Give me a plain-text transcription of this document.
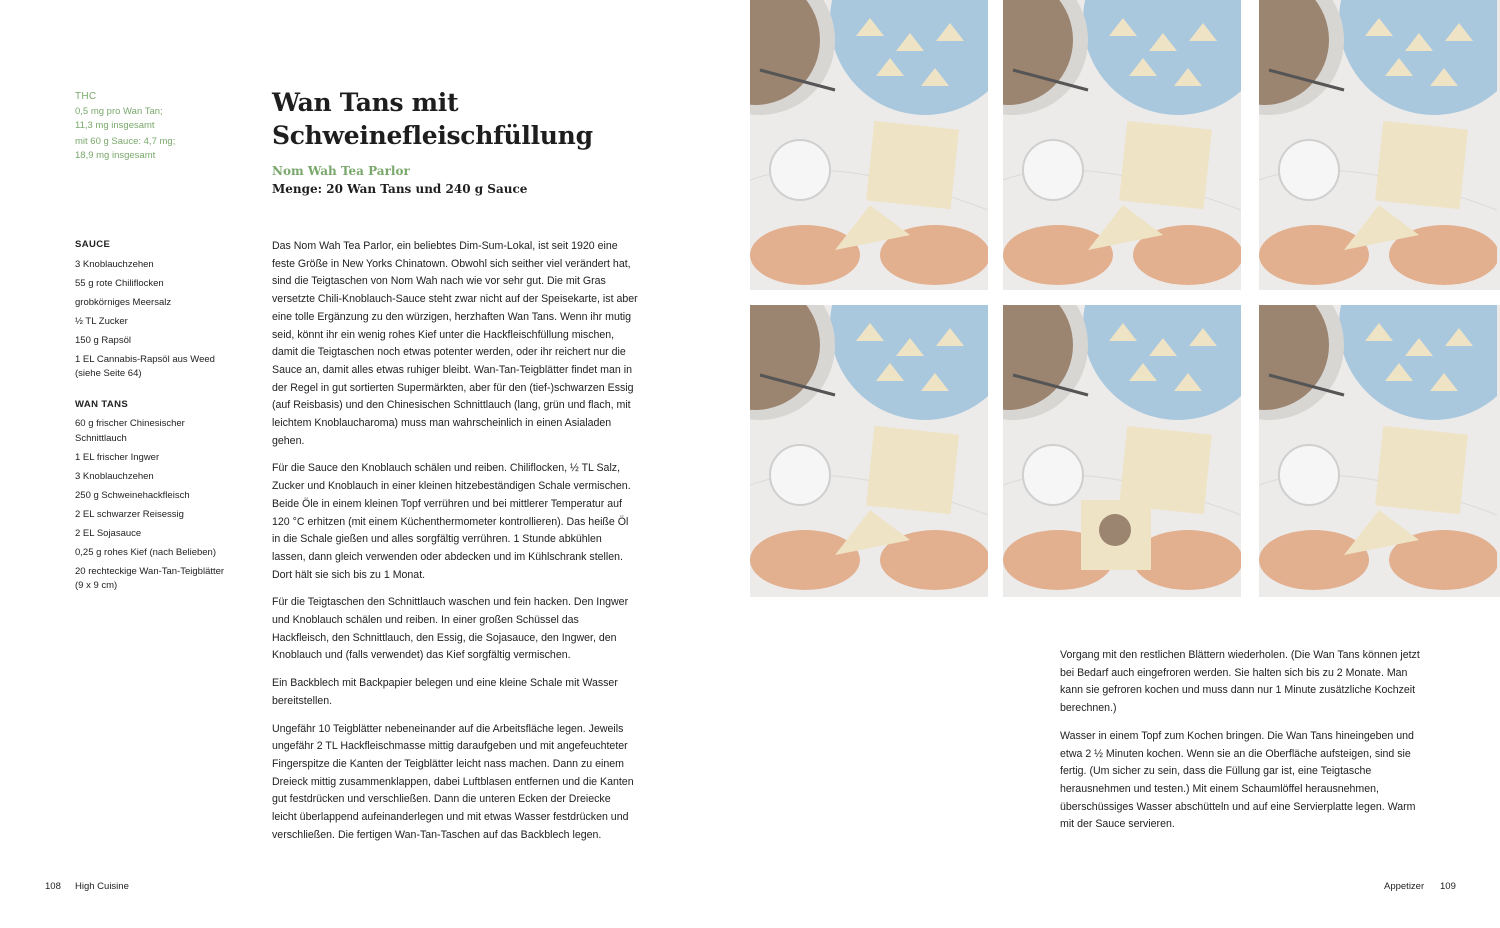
THC

0,5 mg pro Wan Tan;
11,3 mg insgesamt

mit 60 g Sauce: 4,7 mg;
18,9 mg insgesamt

Wan Tans mit
Schweinefleischfüllung
Nom Wah Tea Parlor
Menge: 20 Wan Tans und 240 g Sauce
SAUCE
3 Knoblauchzehen
55 g rote Chiliflocken
grobkörniges Meersalz
½ TL Zucker
150 g Rapsöl
1 EL Cannabis-Rapsöl aus Weed (siehe Seite 64)
WAN TANS
60 g frischer Chinesischer Schnittlauch
1 EL frischer Ingwer
3 Knoblauchzehen
250 g Schweinehackfleisch
2 EL schwarzer Reisessig
2 EL Sojasauce
0,25 g rohes Kief (nach Belieben)
20 rechteckige Wan-Tan-Teigblätter (9 x 9 cm)

Das Nom Wah Tea Parlor, ein beliebtes Dim-Sum-Lokal, ist seit 1920 eine feste Größe in New Yorks Chinatown. Obwohl sich seither viel verändert hat, sind die Teigtaschen von Nom Wah nach wie vor sehr gut. Die mit Gras versetzte Chili-Knoblauch-Sauce steht zwar nicht auf der Speisekarte, ist aber eine tolle Ergänzung zu den würzigen, herzhaften Wan Tans. Wenn ihr mutig seid, könnt ihr ein wenig rohes Kief unter die Hackfleischfüllung mischen, damit die Teigtaschen noch etwas potenter werden, oder ihr reichert nur die Sauce an, damit alles etwas ruhiger bleibt. Wan-Tan-Teigblätter findet man in der Regel in gut sortierten Supermärkten, aber für den (tief-)schwarzen Essig (auf Reisbasis) und den Chinesischen Schnittlauch (lang, grün und flach, mit leichtem Knoblaucharoma) muss man wahrscheinlich in einen Asialaden gehen.

Für die Sauce den Knoblauch schälen und reiben. Chiliflocken, ½ TL Salz, Zucker und Knoblauch in einer kleinen hitzebeständigen Schale vermischen. Beide Öle in einem kleinen Topf verrühren und bei mittlerer Temperatur auf 120 °C erhitzen (mit einem Küchenthermometer kontrollieren). Das heiße Öl in die Schale gießen und alles sorgfältig verrühren. 1 Stunde abkühlen lassen, dann gleich verwenden oder abdecken und im Kühlschrank stellen. Dort hält sie sich bis zu 1 Monat.

Für die Teigtaschen den Schnittlauch waschen und fein hacken. Den Ingwer und Knoblauch schälen und reiben. In einer großen Schüssel das Hackfleisch, den Schnittlauch, den Essig, die Sojasauce, den Ingwer, den Knoblauch und (falls verwendet) das Kief sorgfältig vermischen.

Ein Backblech mit Backpapier belegen und eine kleine Schale mit Wasser bereitstellen.

Ungefähr 10 Teigblätter nebeneinander auf die Arbeitsfläche legen. Jeweils ungefähr 2 TL Hackfleischmasse mittig daraufgeben und mit angefeuchteter Fingerspitze die Kanten der Teigblätter leicht nass machen. Dann zu einem Dreieck mittig zusammenklappen, dabei Luftblasen entfernen und die Kanten gut festdrücken und verschließen. Dann die unteren Ecken der Dreiecke leicht überlappend aufeinanderlegen und mit etwas Wasser festdrücken und verschließen. Die fertigen Wan-Tan-Taschen auf das Backblech legen.

Vorgang mit den restlichen Blättern wiederholen. (Die Wan Tans können jetzt bei Bedarf auch eingefroren werden. Sie halten sich bis zu 2 Monate. Man kann sie gefroren kochen und muss dann nur 1 Minute zusätzliche Kochzeit berechnen.)

Wasser in einem Topf zum Kochen bringen. Die Wan Tans hineingeben und etwa 2 ½ Minuten kochen. Wenn sie an die Oberfläche aufsteigen, sind sie fertig. (Um sicher zu sein, dass die Füllung gar ist, eine Teigtasche herausnehmen und testen.) Mit einem Schaumlöffel herausnehmen, überschüssiges Wasser abschütteln und auf eine Servierplatte legen. Warm mit der Sauce servieren.

108 High Cuisine	Appetizer 109
